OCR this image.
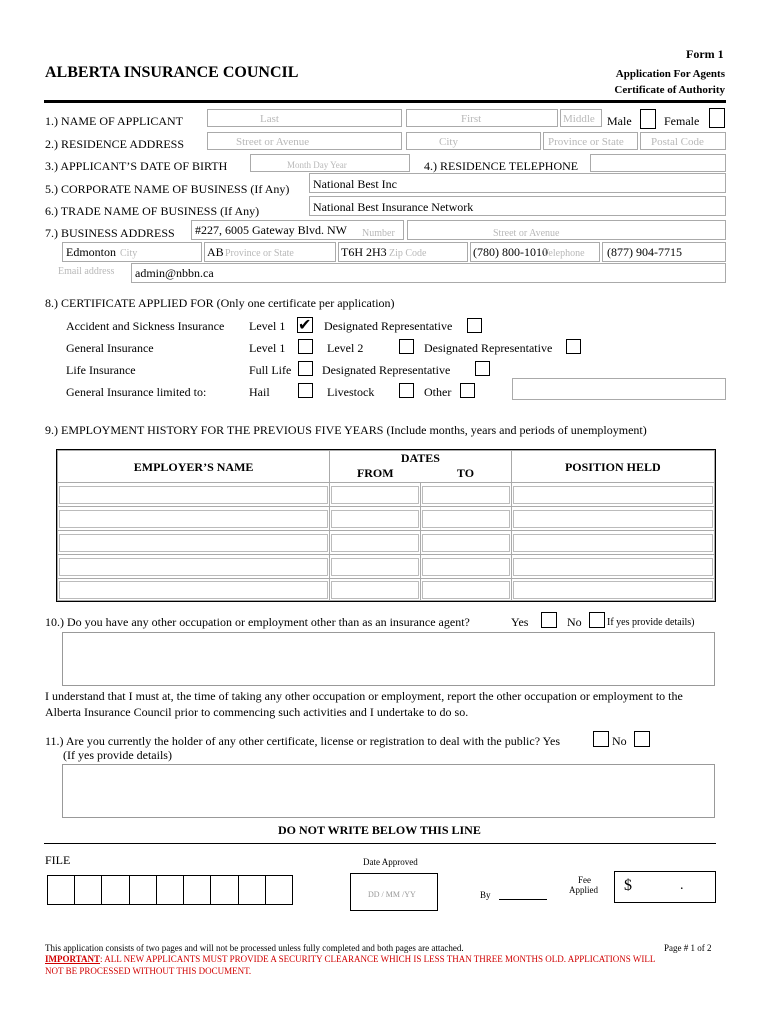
Form 1
ALBERTA INSURANCE COUNCIL	Application For Agents
Certificate of Authority
1.) NAME OF APPLICANT	Last	First	Middle Male	Female
2.) RESIDENCE ADDRESS	Street or Avenue	City	Province or State Postal Code
3.) APPLICANT’S DATE OF BIRTH	Month Day Year	4.) RESIDENCE TELEPHONE
5.) CORPORATE NAME OF BUSINESS (If Any) National Best Inc
6.) TRADE NAME OF BUSINESS (If Any)	National Best Insurance Network
7.) BUSINESS ADDRESS #227, 6005 Gateway Blvd. NW Number	Street or Avenue
Edmonton City	AB Province or State	T6H 2H3 Zip Code	(780) 800-1010
Telephone (877) 904-7715
Email address admin@nbbn.ca
8.) CERTIFICATE APPLIED FOR (Only one certificate per application)
Accident and Sickness Insurance Level 1 ✔ Designated Representative
General Insurance	Level 1	Level 2	Designated Representative
Life Insurance	Full Life	Designated Representative
General Insurance limited to:	Hail	Livestock	Other
9.) EMPLOYMENT HISTORY FOR THE PREVIOUS FIVE YEARS (Include months, years and periods of unemployment)
EMPLOYER’S NAME	DATES
FROM TO		POSITION HELD

10.) Do you have any other occupation or employment other than as an insurance agent?	Yes	No	If yes provide details)
I understand that I must at, the time of taking any other occupation or employment, report the other occupation or employment to the
Alberta Insurance Council prior to commencing such activities and I undertake to do so.
11.) Are you currently the holder of any other certificate, license or registration to deal with the public? Yes	No
(If yes provide details)
DO NOT WRITE BELOW THIS LINE
FILE	Date Approved
DD / MM /YY	By
Fee
Applied $	.
This application consists of two pages and will not be processed unless fully completed and both pages are attached.	Page # 1 of 2
IMPORTANT: ALL NEW APPLICANTS MUST PROVIDE A SECURITY CLEARANCE WHICH IS LESS THAN THREE MONTHS OLD. APPLICATIONS WILL
NOT BE PROCESSED WITHOUT THIS DOCUMENT.
